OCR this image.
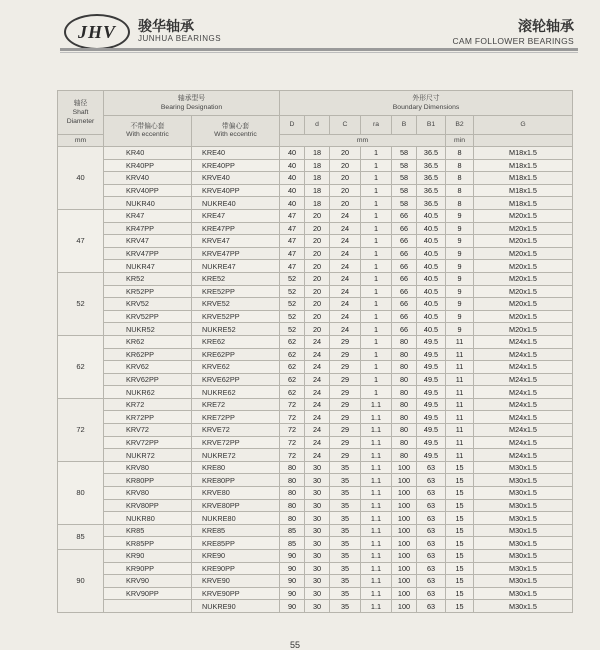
JHV 骏华轴承
JUNHUA BEARINGS
滚轮轴承
CAM FOLLOWER BEARINGS
轴径
Shaft
Diameter	轴承型号
Bearing Designation		外形尺寸
Boundary Dimensions							
	不带偏心套
With eccentric	带偏心套
With eccentric	D	d	C	ra	B	B1	B2	G
mm			mm						min	
40	KR40	KRE40	40	18	20	1	58	36.5	8	M18x1.5
	KR40PP	KRE40PP	40	18	20	1	58	36.5	8	M18x1.5
	KRV40	KRVE40	40	18	20	1	58	36.5	8	M18x1.5
	KRV40PP	KRVE40PP	40	18	20	1	58	36.5	8	M18x1.5
	NUKR40	NUKRE40	40	18	20	1	58	36.5	8	M18x1.5
47	KR47	KRE47	47	20	24	1	66	40.5	9	M20x1.5
	KR47PP	KRE47PP	47	20	24	1	66	40.5	9	M20x1.5
	KRV47	KRVE47	47	20	24	1	66	40.5	9	M20x1.5
	KRV47PP	KRVE47PP	47	20	24	1	66	40.5	9	M20x1.5
	NUKR47	NUKRE47	47	20	24	1	66	40.5	9	M20x1.5
52	KR52	KRE52	52	20	24	1	66	40.5	9	M20x1.5
	KR52PP	KRE52PP	52	20	24	1	66	40.5	9	M20x1.5
	KRV52	KRVE52	52	20	24	1	66	40.5	9	M20x1.5
	KRV52PP	KRVE52PP	52	20	24	1	66	40.5	9	M20x1.5
	NUKR52	NUKRE52	52	20	24	1	66	40.5	9	M20x1.5
62	KR62	KRE62	62	24	29	1	80	49.5	11	M24x1.5
	KR62PP	KRE62PP	62	24	29	1	80	49.5	11	M24x1.5
	KRV62	KRVE62	62	24	29	1	80	49.5	11	M24x1.5
	KRV62PP	KRVE62PP	62	24	29	1	80	49.5	11	M24x1.5
	NUKR62	NUKRE62	62	24	29	1	80	49.5	11	M24x1.5
72	KR72	KRE72	72	24	29	1.1	80	49.5	11	M24x1.5
	KR72PP	KRE72PP	72	24	29	1.1	80	49.5	11	M24x1.5
	KRV72	KRVE72	72	24	29	1.1	80	49.5	11	M24x1.5
	KRV72PP	KRVE72PP	72	24	29	1.1	80	49.5	11	M24x1.5
	NUKR72	NUKRE72	72	24	29	1.1	80	49.5	11	M24x1.5
80	KRV80	KRE80	80	30	35	1.1	100	63	15	M30x1.5
	KR80PP	KRE80PP	80	30	35	1.1	100	63	15	M30x1.5
	KRV80	KRVE80	80	30	35	1.1	100	63	15	M30x1.5
	KRV80PP	KRVE80PP	80	30	35	1.1	100	63	15	M30x1.5
	NUKR80	NUKRE80	80	30	35	1.1	100	63	15	M30x1.5
85	KR85	KRE85	85	30	35	1.1	100	63	15	M30x1.5
	KR85PP	KRE85PP	85	30	35	1.1	100	63	15	M30x1.5
90	KR90	KRE90	90	30	35	1.1	100	63	15	M30x1.5
	KR90PP	KRE90PP	90	30	35	1.1	100	63	15	M30x1.5
	KRV90	KRVE90	90	30	35	1.1	100	63	15	M30x1.5
	KRV90PP	KRVE90PP	90	30	35	1.1	100	63	15	M30x1.5
		NUKRE90	90	30	35	1.1	100	63	15	M30x1.5
55
